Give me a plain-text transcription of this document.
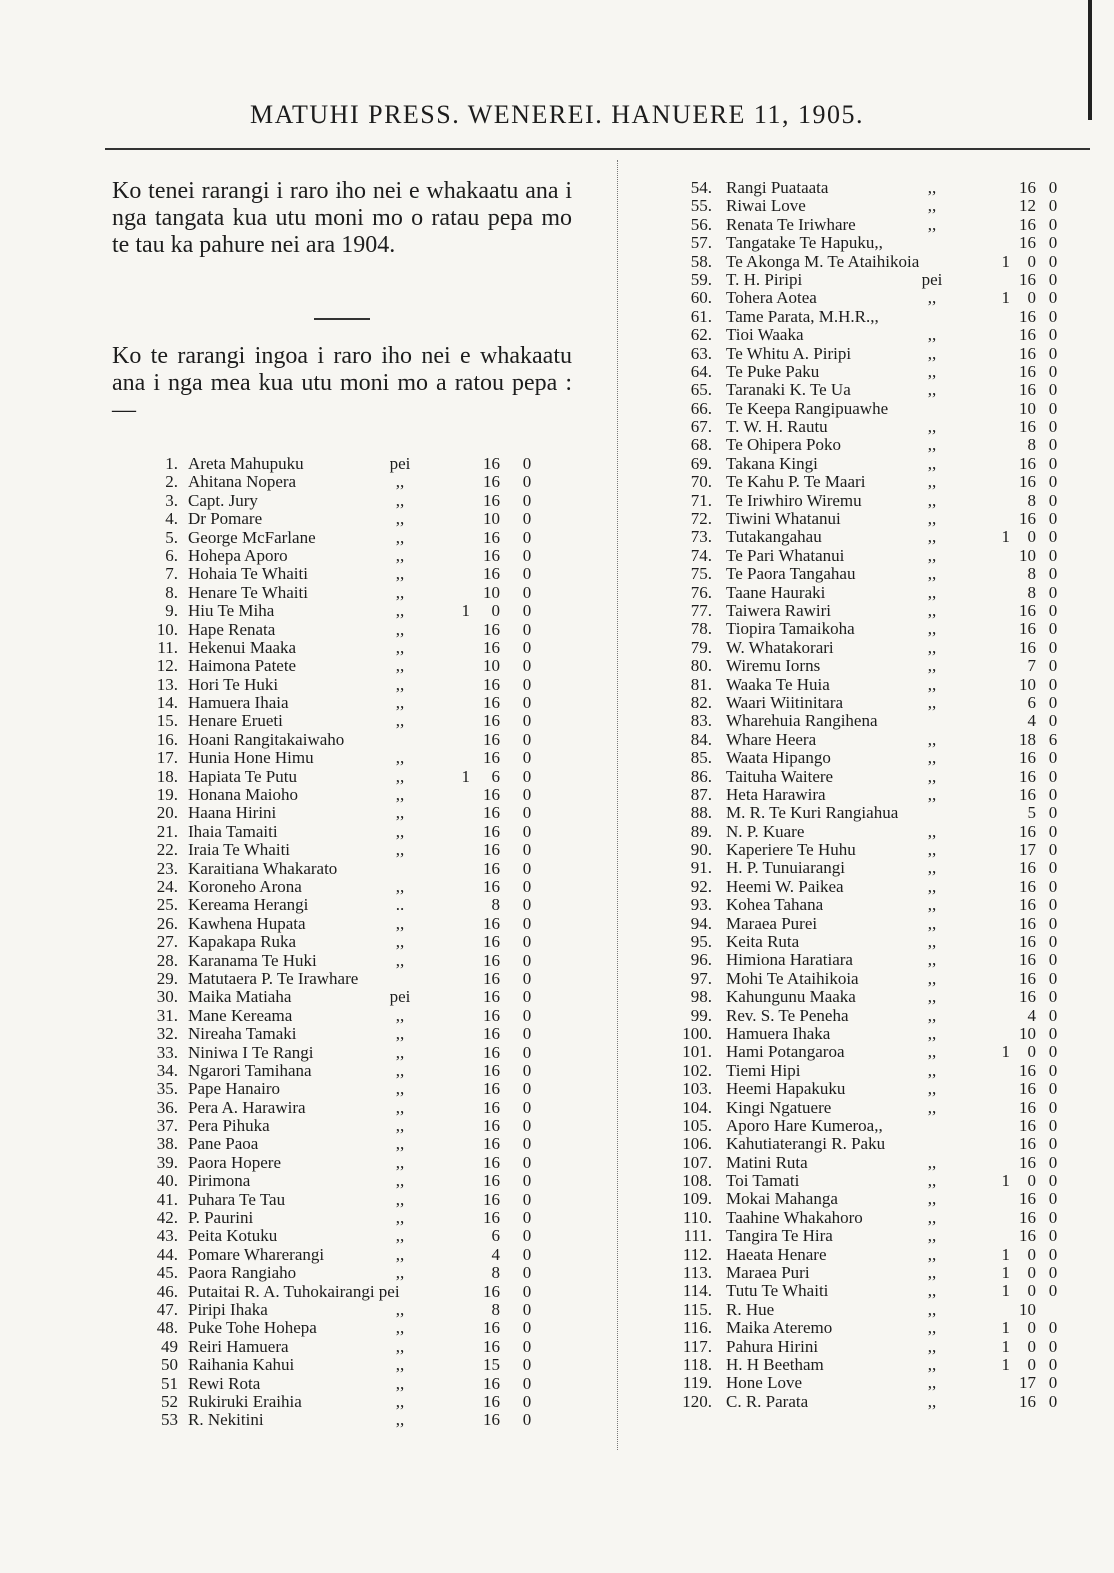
MATUHI PRESS. WENEREI. HANUERE 11, 1905.

Ko tenei rarangi i raro iho nei e whakaatu ana i nga tangata kua utu moni mo o ratau pepa mo te tau ka pahure nei ara 1904.

Ko te rarangi ingoa i raro iho nei e whakaatu ana i nga mea kua utu moni mo a ratou pepa :—

1. Areta Mahupuku	pei	16 0
2. Ahitana Nopera	,,	16 0
3. Capt. Jury	,,	16 0
4. Dr Pomare	,,	10 0
5. George McFarlane	,,	16 0
6. Hohepa Aporo	,,	16 0
7. Hohaia Te Whaiti	,,	16 0
8. Henare Te Whaiti	,,	10 0
9. Hiu Te Miha	,,	1	0 0
10. Hape Renata	,,	16 0
11. Hekenui Maaka	,,	16 0
12. Haimona Patete	,,	10 0
13. Hori Te Huki	,,	16 0
14. Hamuera Ihaia	,,	16 0
15. Henare Erueti	,,	16 0
16. Hoani Rangitakaiwaho	16 0
17. Hunia Hone Himu	,,	16 0
18. Hapiata Te Putu	,,	1	6 0
19. Honana Maioho	,,	16 0
20. Haana Hirini	,,	16 0
21. Ihaia Tamaiti	,,	16 0
22. Iraia Te Whaiti	,,	16 0
23. Karaitiana Whakarato	16 0
24. Koroneho Arona	,,	16 0
25. Kereama Herangi	..	8 0
26. Kawhena Hupata	,,	16 0
27. Kapakapa Ruka	,,	16 0
28. Karanama Te Huki	,,	16 0
29. Matutaera P. Te Irawhare	16 0
30. Maika Matiaha	pei	16 0
31. Mane Kereama	,,	16 0
32. Nireaha Tamaki	,,	16 0
33. Niniwa I Te Rangi	,,	16 0
34. Ngarori Tamihana	,,	16 0
35. Pape Hanairo	,,	16 0
36. Pera A. Harawira	,,	16 0
37. Pera Pihuka	,,	16 0
38. Pane Paoa	,,	16 0
39. Paora Hopere	,,	16 0
40. Pirimona	,,	16 0
41. Puhara Te Tau	,,	16 0
42. P. Paurini	,,	16 0
43. Peita Kotuku	,,	6 0
44. Pomare Wharerangi	,,	4 0
45. Paora Rangiaho	,,	8 0
46. Putaitai R. A. Tuhokairangi pei	16 0
47. Piripi Ihaka	,,	8 0
48. Puke Tohe Hohepa	,,	16 0
49 Reiri Hamuera	,,	16 0
50 Raihania Kahui	,,	15 0
51 Rewi Rota	,,	16 0
52 Rukiruki Eraihia	,,	16 0
53 R. Nekitini	,,	16 0
54. Rangi Puataata	,,	16 0
55. Riwai Love	,,	12 0
56. Renata Te Iriwhare	,,	16 0
57. Tangatake Te Hapuku,,	16 0
58. Te Akonga M. Te Ataihikoia	1	0 0
59. T. H. Piripi	pei	16 0
60. Tohera Aotea	,,	1	0 0
61. Tame Parata, M.H.R.,,	16 0
62. Tioi Waaka	,,	16 0
63. Te Whitu A. Piripi	,,	16 0
64. Te Puke Paku	,,	16 0
65. Taranaki K. Te Ua	,,	16 0
66. Te Keepa Rangipuawhe	10 0
67. T. W. H. Rautu	,,	16 0
68. Te Ohipera Poko	,,	8 0
69. Takana Kingi	,,	16 0
70. Te Kahu P. Te Maari	,,	16 0
71. Te Iriwhiro Wiremu	,,	8 0
72. Tiwini Whatanui	,,	16 0
73. Tutakangahau	,,	1	0 0
74. Te Pari Whatanui	,,	10 0
75. Te Paora Tangahau	,,	8 0
76. Taane Hauraki	,,	8 0
77. Taiwera Rawiri	,,	16 0
78. Tiopira Tamaikoha	,,	16 0
79. W. Whatakorari	,,	16 0
80. Wiremu Iorns	,,	7 0
81. Waaka Te Huia	,,	10 0
82. Waari Wiitinitara	,,	6 0
83. Wharehuia Rangihena	4 0
84. Whare Heera	,,	18 6
85. Waata Hipango	,,	16 0
86. Taituha Waitere	,,	16 0
87. Heta Harawira	,,	16 0
88. M. R. Te Kuri Rangiahua	5 0
89. N. P. Kuare	,,	16 0
90. Kaperiere Te Huhu	,,	17 0
91. H. P. Tunuiarangi	,,	16 0
92. Heemi W. Paikea	,,	16 0
93. Kohea Tahana	,,	16 0
94. Maraea Purei	,,	16 0
95. Keita Ruta	,,	16 0
96. Himiona Haratiara	,,	16 0
97. Mohi Te Ataihikoia	,,	16 0
98. Kahungunu Maaka	,,	16 0
99. Rev. S. Te Peneha	,,	4 0
100. Hamuera Ihaka	,,	10 0
101. Hami Potangaroa	,,	1	0 0
102. Tiemi Hipi	,,	16 0
103. Heemi Hapakuku	,,	16 0
104. Kingi Ngatuere	,,	16 0
105. Aporo Hare Kumeroa,,	16 0
106. Kahutiaterangi R. Paku	16 0
107. Matini Ruta	,,	16 0
108. Toi Tamati	,,	1	0 0
109. Mokai Mahanga	,,	16 0
110. Taahine Whakahoro	,,	16 0
111. Tangira Te Hira	,,	16 0
112. Haeata Henare	,,	1	0 0
113. Maraea Puri	,,	1	0 0
114. Tutu Te Whaiti	,,	1	0 0
115. R. Hue	,,	10
116. Maika Ateremo	,,	1	0 0
117. Pahura Hirini	,,	1	0 0
118. H. H Beetham	,,	1	0 0
119. Hone Love	,,	17 0
120. C. R. Parata	,,	16 0
